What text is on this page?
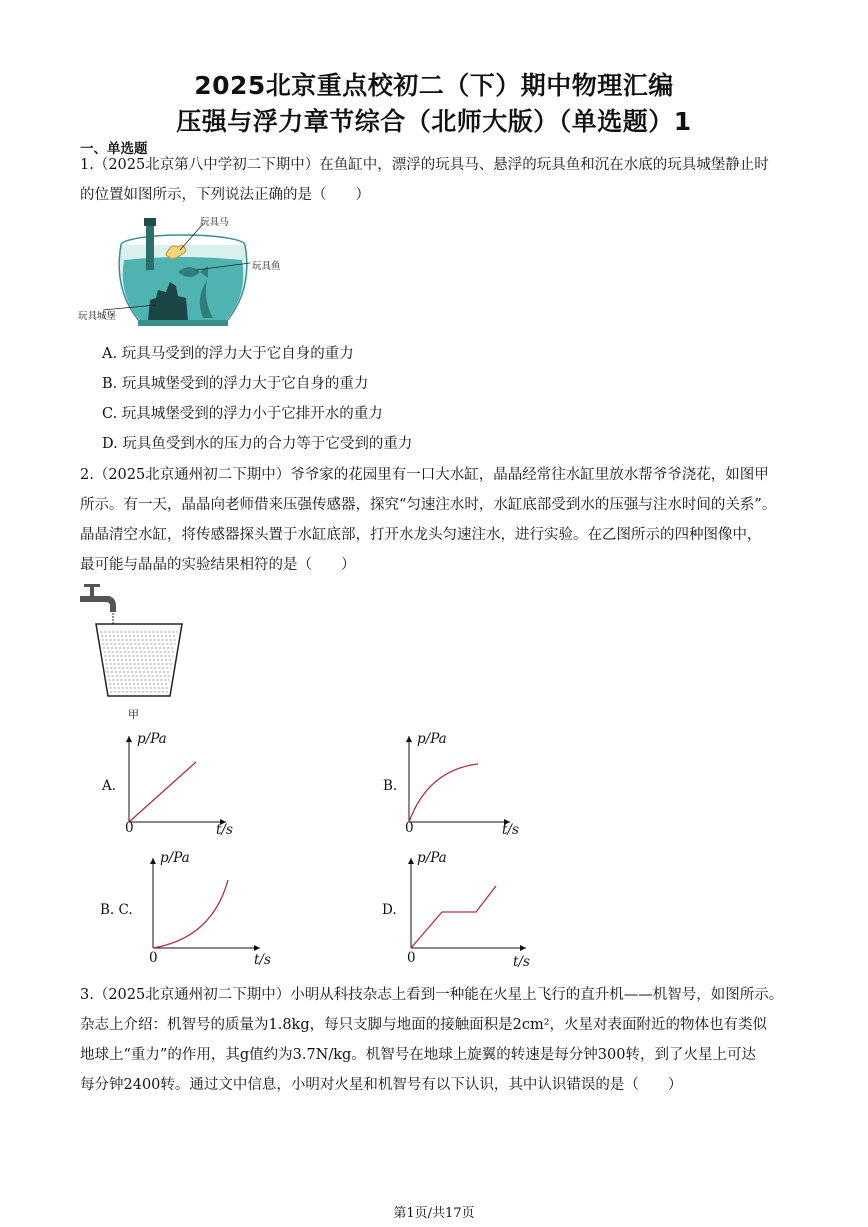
2025北京重点校初二（下）期中物理汇编
压强与浮力章节综合（北师大版）（单选题）1
一、单选题
1.（2025北京第八中学初二下期中）在鱼缸中，漂浮的玩具马、悬浮的玩具鱼和沉在水底的玩具城堡静止时
的位置如图所示，下列说法正确的是（　　）
玩具马
玩具鱼
玩具城堡
A. 玩具马受到的浮力大于它自身的重力
B. 玩具城堡受到的浮力大于它自身的重力
C. 玩具城堡受到的浮力小于它排开水的重力
D. 玩具鱼受到水的压力的合力等于它受到的重力
2.（2025北京通州初二下期中）爷爷家的花园里有一口大水缸，晶晶经常往水缸里放水帮爷爷浇花，如图甲
所示。有一天，晶晶向老师借来压强传感器，探究“匀速注水时，水缸底部受到水的压强与注水时间的关系”。
晶晶清空水缸，将传感器探头置于水缸底部，打开水龙头匀速注水，进行实验。在乙图所示的四种图像中，
最可能与晶晶的实验结果相符的是（　　）
甲
A.
p/Pa
t/s
0
B.
p/Pa
t/s
0
B. C.
p/Pa
t/s
0
D.
p/Pa
t/s
0
3.（2025北京通州初二下期中）小明从科技杂志上看到一种能在火星上飞行的直升机——机智号，如图所示。
杂志上介绍：机智号的质量为1.8kg，每只支脚与地面的接触面积是2cm²，火星对表面附近的物体也有类似
地球上“重力”的作用，其g值约为3.7N/kg。机智号在地球上旋翼的转速是每分钟300转，到了火星上可达
每分钟2400转。通过文中信息，小明对火星和机智号有以下认识，其中认识错误的是（　　）
第1页/共17页
